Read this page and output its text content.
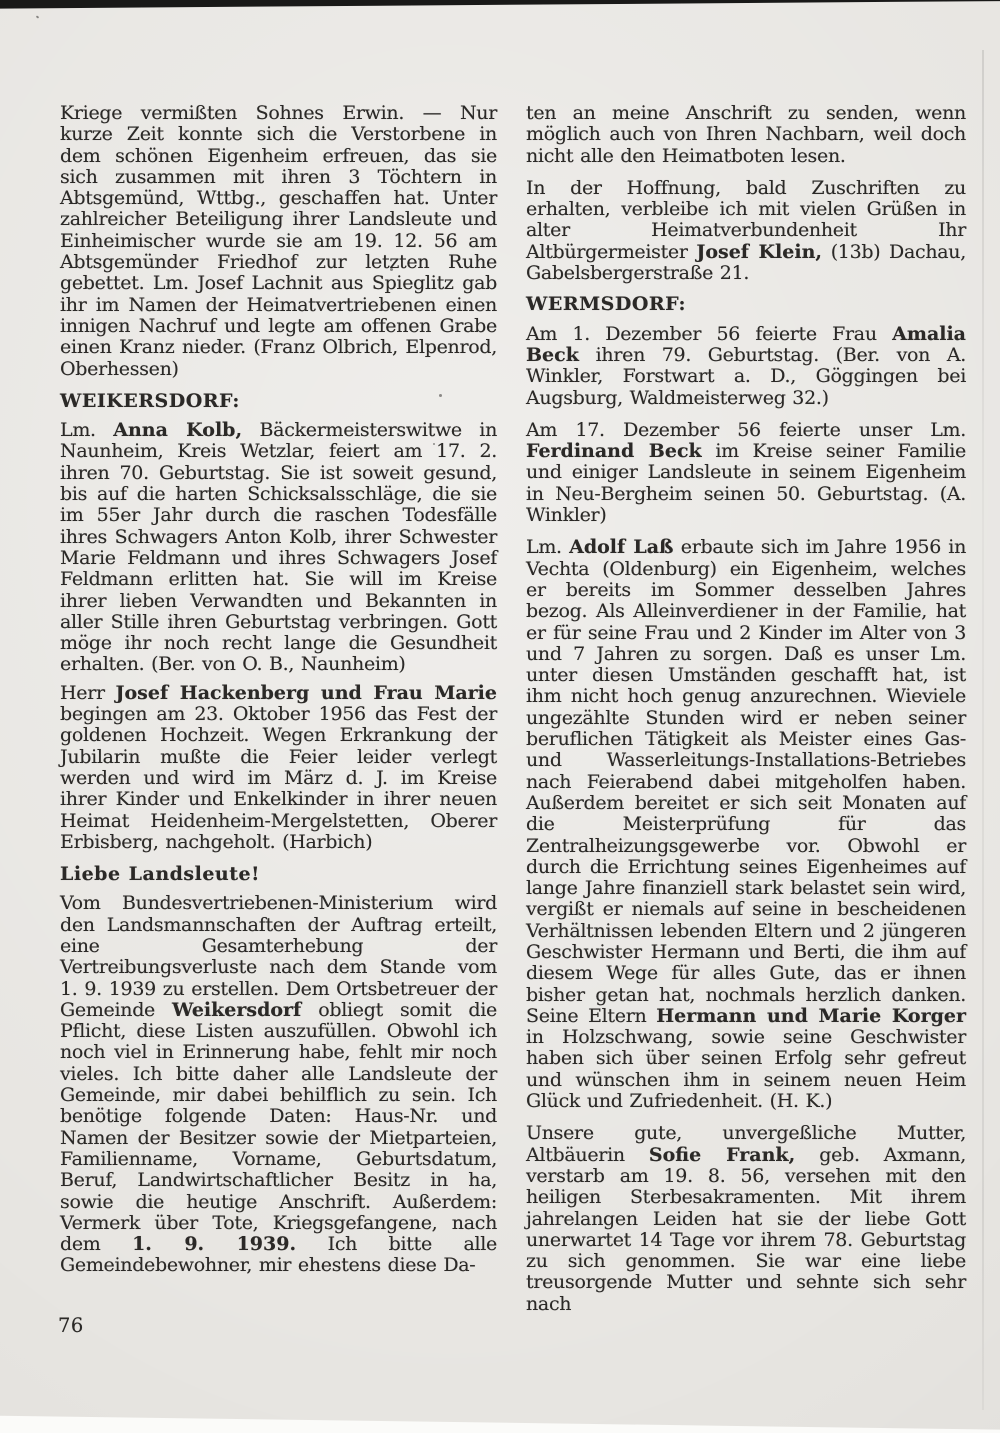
Kriege vermißten Sohnes Erwin. — Nur kurze Zeit konnte sich die Verstorbene in dem schönen Eigenheim erfreuen, das sie sich zusammen mit ihren 3 Töchtern in Abtsgemünd, Wttbg., geschaffen hat. Unter zahlreicher Beteiligung ihrer Landsleute und Einheimischer wurde sie am 19. 12. 56 am Abtsgemünder Friedhof zur letzten Ruhe gebettet. Lm. Josef Lachnit aus Spieglitz gab ihr im Namen der Heimatvertriebenen einen innigen Nachruf und legte am offenen Grabe einen Kranz nieder. (Franz Olbrich, Elpenrod, Oberhessen)

WEIKERSDORF:

Lm. Anna Kolb, Bäckermeisterswitwe in Naunheim, Kreis Wetzlar, feiert am 17. 2. ihren 70. Geburtstag. Sie ist soweit gesund, bis auf die harten Schicksalsschläge, die sie im 55er Jahr durch die raschen Todesfälle ihres Schwagers Anton Kolb, ihrer Schwester Marie Feldmann und ihres Schwagers Josef Feldmann erlitten hat. Sie will im Kreise ihrer lieben Verwandten und Bekannten in aller Stille ihren Geburtstag verbringen. Gott möge ihr noch recht lange die Gesundheit erhalten. (Ber. von O. B., Naunheim)

Herr Josef Hackenberg und Frau Marie begingen am 23. Oktober 1956 das Fest der goldenen Hochzeit. Wegen Erkrankung der Jubilarin mußte die Feier leider verlegt werden und wird im März d. J. im Kreise ihrer Kinder und Enkelkinder in ihrer neuen Heimat Heidenheim-Mergelstetten, Oberer Erbisberg, nachgeholt. (Harbich)

Liebe Landsleute!

Vom Bundesvertriebenen-Ministerium wird den Landsmannschaften der Auftrag erteilt, eine Gesamterhebung der Vertreibungsverluste nach dem Stande vom 1. 9. 1939 zu erstellen. Dem Ortsbetreuer der Gemeinde Weikersdorf obliegt somit die Pflicht, diese Listen auszufüllen. Obwohl ich noch viel in Erinnerung habe, fehlt mir noch vieles. Ich bitte daher alle Landsleute der Gemeinde, mir dabei behilflich zu sein. Ich benötige folgende Daten: Haus-Nr. und Namen der Besitzer sowie der Mietparteien, Familienname, Vorname, Geburtsdatum, Beruf, Landwirtschaftlicher Besitz in ha, sowie die heutige Anschrift. Außerdem: Vermerk über Tote, Kriegsgefangene, nach dem 1. 9. 1939. Ich bitte alle Gemeindebewohner, mir ehestens diese Da-

ten an meine Anschrift zu senden, wenn möglich auch von Ihren Nachbarn, weil doch nicht alle den Heimatboten lesen.

In der Hoffnung, bald Zuschriften zu erhalten, verbleibe ich mit vielen Grüßen in alter Heimatverbundenheit Ihr Altbürgermeister Josef Klein, (13b) Dachau, Gabelsbergerstraße 21.

WERMSDORF:

Am 1. Dezember 56 feierte Frau Amalia Beck ihren 79. Geburtstag. (Ber. von A. Winkler, Forstwart a. D., Göggingen bei Augsburg, Waldmeisterweg 32.)

Am 17. Dezember 56 feierte unser Lm. Ferdinand Beck im Kreise seiner Familie und einiger Landsleute in seinem Eigenheim in Neu-Bergheim seinen 50. Geburtstag. (A. Winkler)

Lm. Adolf Laß erbaute sich im Jahre 1956 in Vechta (Oldenburg) ein Eigenheim, welches er bereits im Sommer desselben Jahres bezog. Als Alleinverdiener in der Familie, hat er für seine Frau und 2 Kinder im Alter von 3 und 7 Jahren zu sorgen. Daß es unser Lm. unter diesen Umständen geschafft hat, ist ihm nicht hoch genug anzurechnen. Wieviele ungezählte Stunden wird er neben seiner beruflichen Tätigkeit als Meister eines Gas- und Wasserleitungs-Installations-Betriebes nach Feierabend dabei mitgeholfen haben. Außerdem bereitet er sich seit Monaten auf die Meisterprüfung für das Zentralheizungsgewerbe vor. Obwohl er durch die Errichtung seines Eigenheimes auf lange Jahre finanziell stark belastet sein wird, vergißt er niemals auf seine in bescheidenen Verhältnissen lebenden Eltern und 2 jüngeren Geschwister Hermann und Berti, die ihm auf diesem Wege für alles Gute, das er ihnen bisher getan hat, nochmals herzlich danken. Seine Eltern Hermann und Marie Korger in Holzschwang, sowie seine Geschwister haben sich über seinen Erfolg sehr gefreut und wünschen ihm in seinem neuen Heim Glück und Zufriedenheit. (H. K.)

Unsere gute, unvergeßliche Mutter, Altbäuerin Sofie Frank, geb. Axmann, verstarb am 19. 8. 56, versehen mit den heiligen Sterbesakramenten. Mit ihrem jahrelangen Leiden hat sie der liebe Gott unerwartet 14 Tage vor ihrem 78. Geburtstag zu sich genommen. Sie war eine liebe treusorgende Mutter und sehnte sich sehr nach

76
